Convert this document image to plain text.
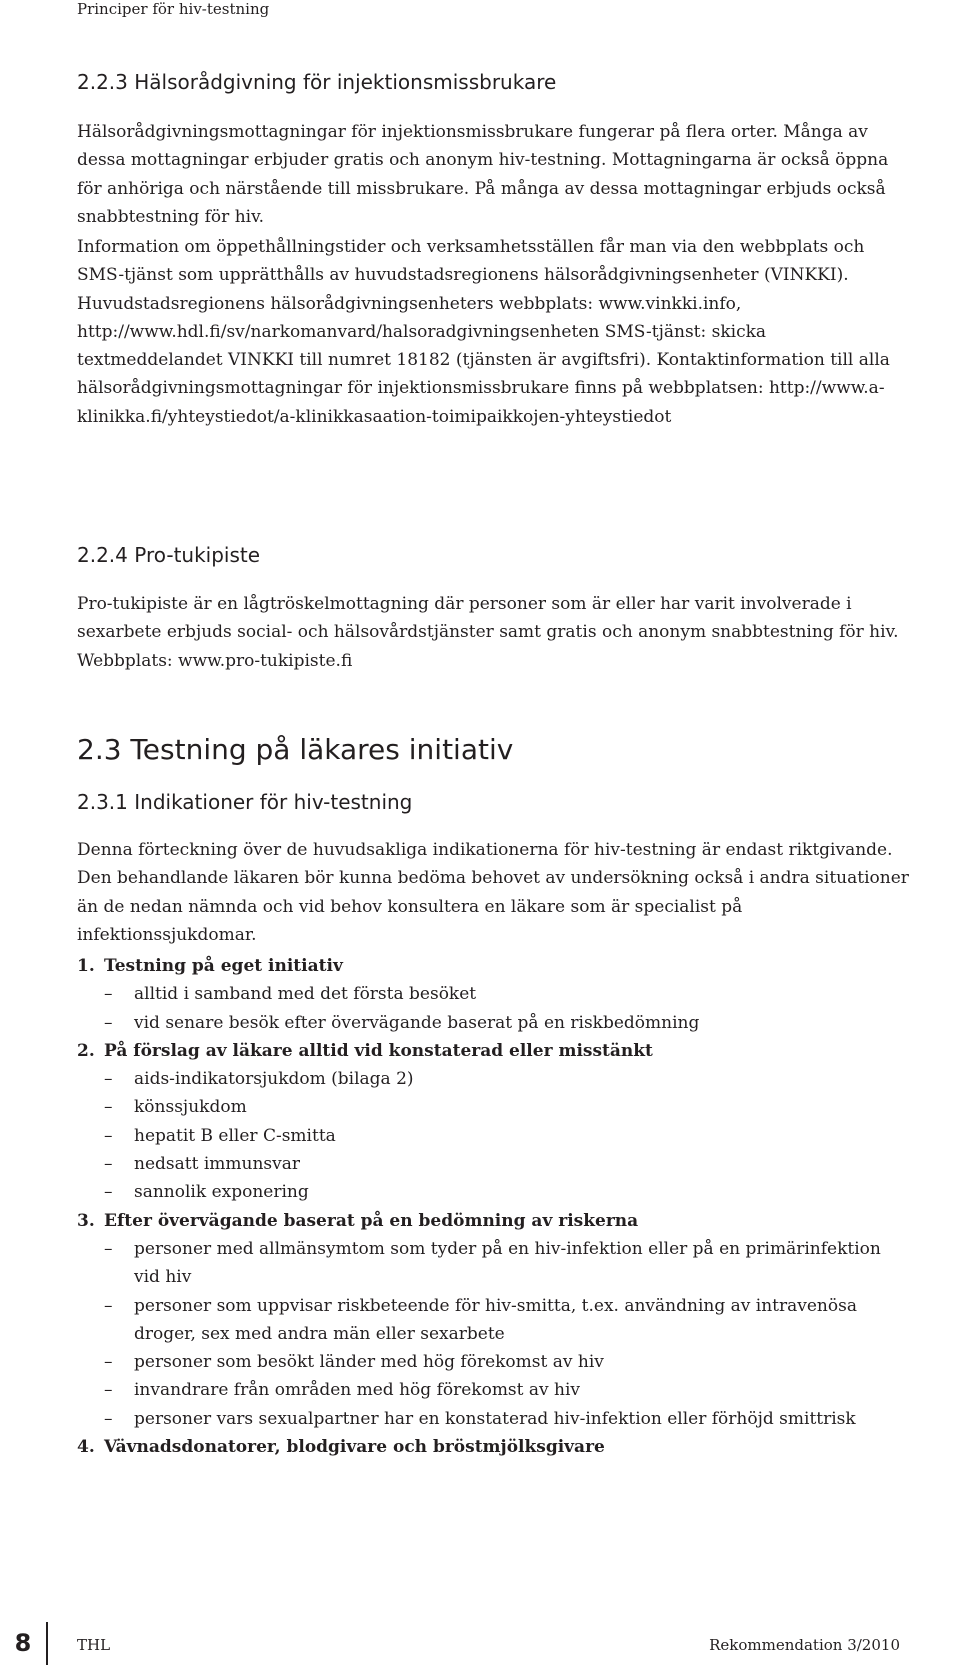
Principer för hiv-testning
2.2.3 Hälsorådgivning för injektionsmissbrukare

Hälsorådgivningsmottagningar för injektionsmissbrukare fungerar på flera orter. Många av dessa mottagningar erbjuder gratis och anonym hiv-testning. Mottagningarna är också öppna för anhöriga och närstående till missbrukare. På många av dessa mottagningar erbjuds också snabbtestning för hiv.

Information om öppethållningstider och verksamhetsställen får man via den webbplats och SMS-tjänst som upprätthålls av huvudstadsregionens hälsorådgivningsenheter (VINKKI). Huvudstadsregionens hälsorådgivningsenheters webbplats: www.vinkki.info, http://www.hdl.fi/sv/narkomanvard/halsoradgivningsenheten SMS-tjänst: skicka textmeddelandet VINKKI till numret 18182 (tjänsten är avgiftsfri). Kontaktinformation till alla hälsorådgivningsmottagningar för injektionsmissbrukare finns på webbplatsen: http://www.a-klinikka.fi/yhteystiedot/a-klinikkasaation-toimipaikkojen-yhteystiedot

2.2.4 Pro-tukipiste

Pro-tukipiste är en lågtröskelmottagning där personer som är eller har varit involverade i sexarbete erbjuds social- och hälsovårdstjänster samt gratis och anonym snabbtestning för hiv. Webbplats: www.pro-tukipiste.fi

2.3 Testning på läkares initiativ
2.3.1 Indikationer för hiv-testning

Denna förteckning över de huvudsakliga indikationerna för hiv-testning är endast riktgivande. Den behandlande läkaren bör kunna bedöma behovet av undersökning också i andra situationer än de nedan nämnda och vid behov konsultera en läkare som är specialist på infektionssjukdomar.

1. Testning på eget initiativ
– alltid i samband med det första besöket
– vid senare besök efter övervägande baserat på en riskbedömning
2. På förslag av läkare alltid vid konstaterad eller misstänkt
– aids-indikatorsjukdom (bilaga 2)
– könssjukdom
– hepatit B eller C-smitta
– nedsatt immunsvar
– sannolik exponering
3. Efter övervägande baserat på en bedömning av riskerna
– personer med allmänsymtom som tyder på en hiv-infektion eller på en primärinfektion vid hiv
– personer som uppvisar riskbeteende för hiv-smitta, t.ex. användning av intravenösa droger, sex med andra män eller sexarbete
– personer som besökt länder med hög förekomst av hiv
– invandrare från områden med hög förekomst av hiv
– personer vars sexualpartner har en konstaterad hiv-infektion eller förhöjd smittrisk
4. Vävnadsdonatorer, blodgivare och bröstmjölksgivare
8	THL	Rekommendation 3/2010
